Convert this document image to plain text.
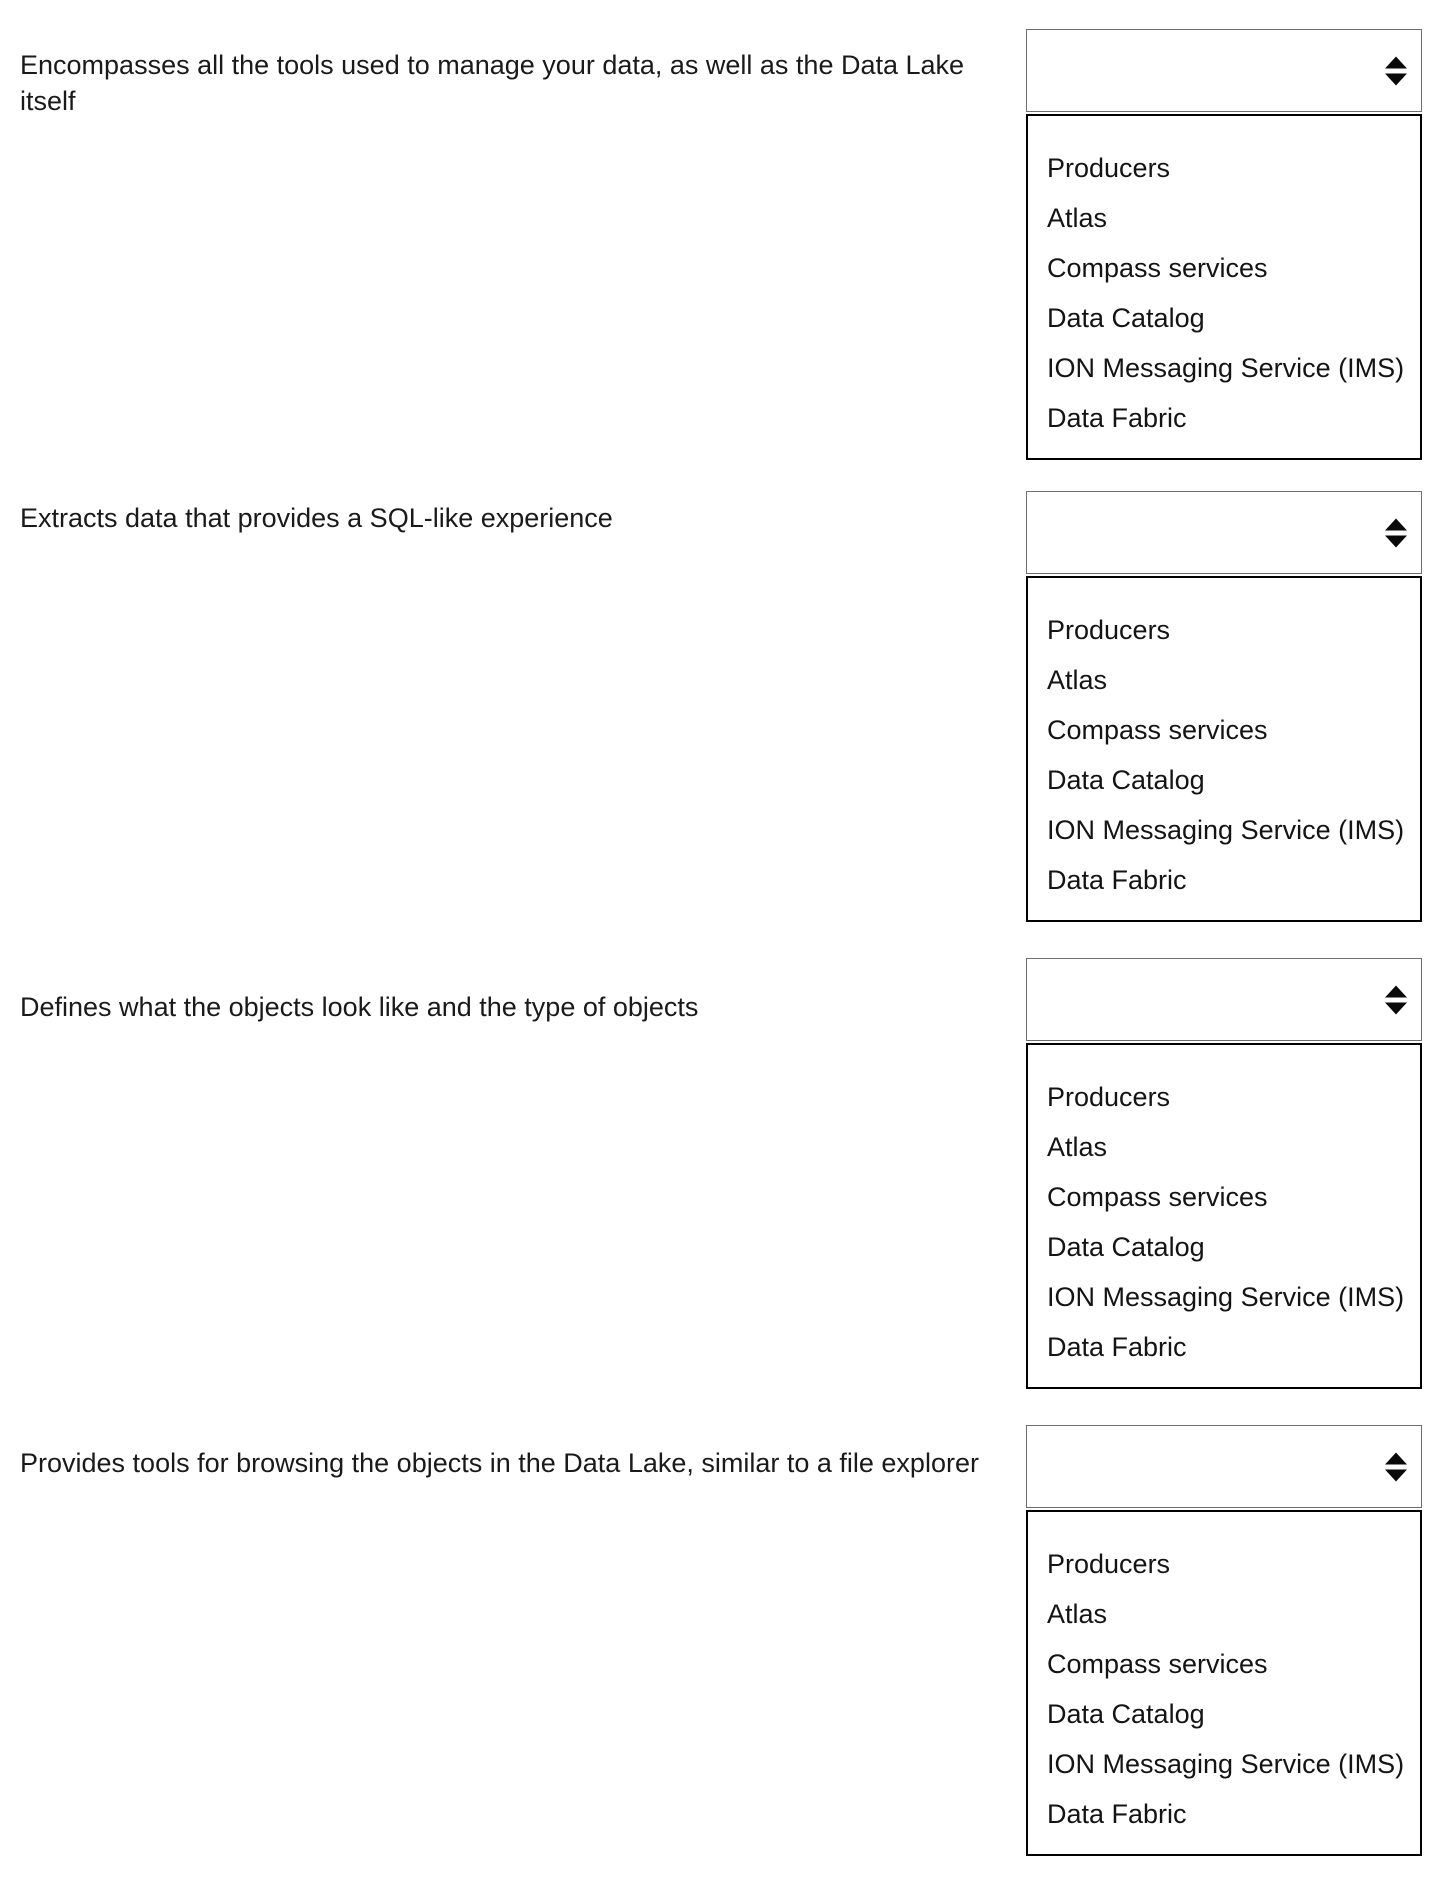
Encompasses all the tools used to manage your data, as well as the Data Lake itself
Producers
Atlas
Compass services
Data Catalog
ION Messaging Service (IMS)
Data Fabric
Extracts data that provides a SQL-like experience
Producers
Atlas
Compass services
Data Catalog
ION Messaging Service (IMS)
Data Fabric
Defines what the objects look like and the type of objects
Producers
Atlas
Compass services
Data Catalog
ION Messaging Service (IMS)
Data Fabric
Provides tools for browsing the objects in the Data Lake, similar to a file explorer
Producers
Atlas
Compass services
Data Catalog
ION Messaging Service (IMS)
Data Fabric
